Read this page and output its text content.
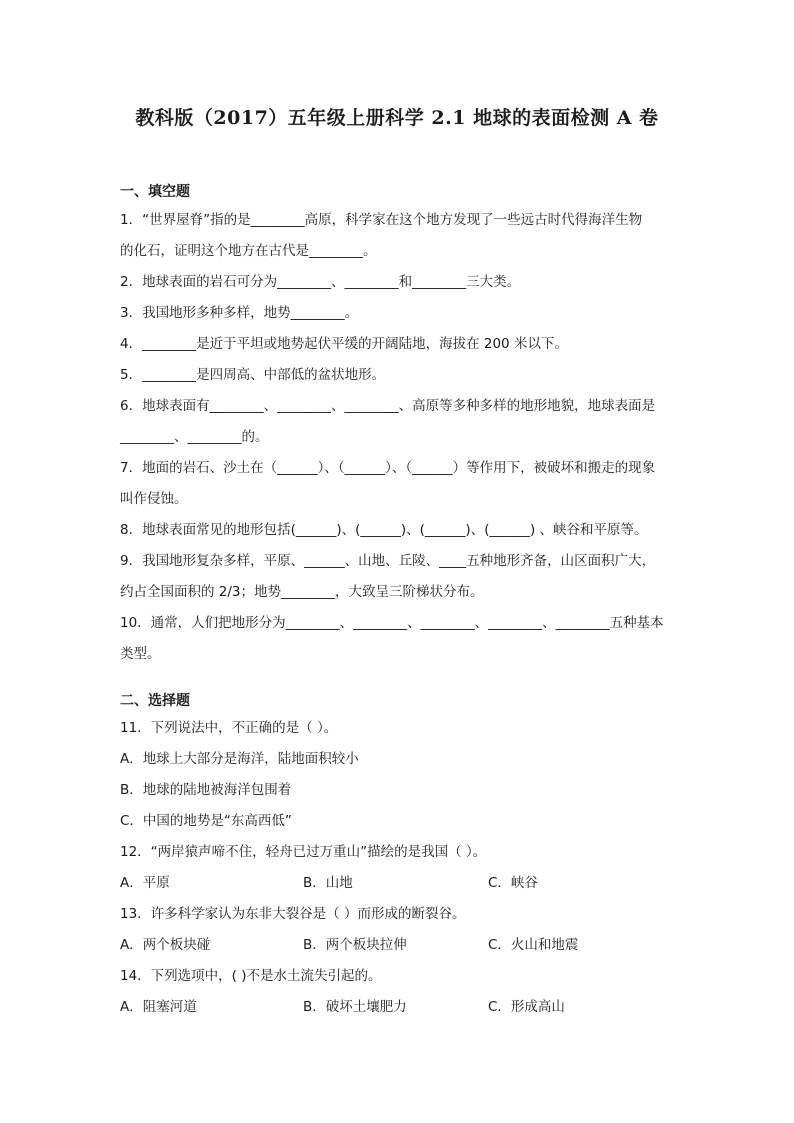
教科版（2017）五年级上册科学 2.1 地球的表面检测 A 卷
一、填空题
1．“世界屋脊”指的是________高原，科学家在这个地方发现了一些远古时代得海洋生物
的化石，证明这个地方在古代是________。
2．地球表面的岩石可分为________、________和________三大类。
3．我国地形多种多样，地势________。
4．________是近于平坦或地势起伏平缓的开阔陆地，海拔在 200 米以下。
5．________是四周高、中部低的盆状地形。
6．地球表面有________、________、________、高原等多种多样的地形地貌，地球表面是
________、________的。
7．地面的岩石、沙土在（______）、（______）、（______）等作用下，被破坏和搬走的现象
叫作侵蚀。
8．地球表面常见的地形包括(______)、(______)、(______)、(______) 、峡谷和平原等。
9．我国地形复杂多样，平原、______、山地、丘陵、____五种地形齐备，山区面积广大，
约占全国面积的 2/3；地势________，大致呈三阶梯状分布。
10．通常，人们把地形分为________、________、________、________、________五种基本
类型。
二、选择题
11．下列说法中，不正确的是（ ）。
A．地球上大部分是海洋，陆地面积较小
B．地球的陆地被海洋包围着
C．中国的地势是“东高西低”
12．“两岸猿声啼不住，轻舟已过万重山”描绘的是我国（ ）。
A．平原	B．山地	C．峡谷
13．许多科学家认为东非大裂谷是（ ）而形成的断裂谷。
A．两个板块碰	B．两个板块拉伸	C．火山和地震
14．下列选项中，( )不是水土流失引起的。
A．阻塞河道	B．破坏土壤肥力	C．形成高山
